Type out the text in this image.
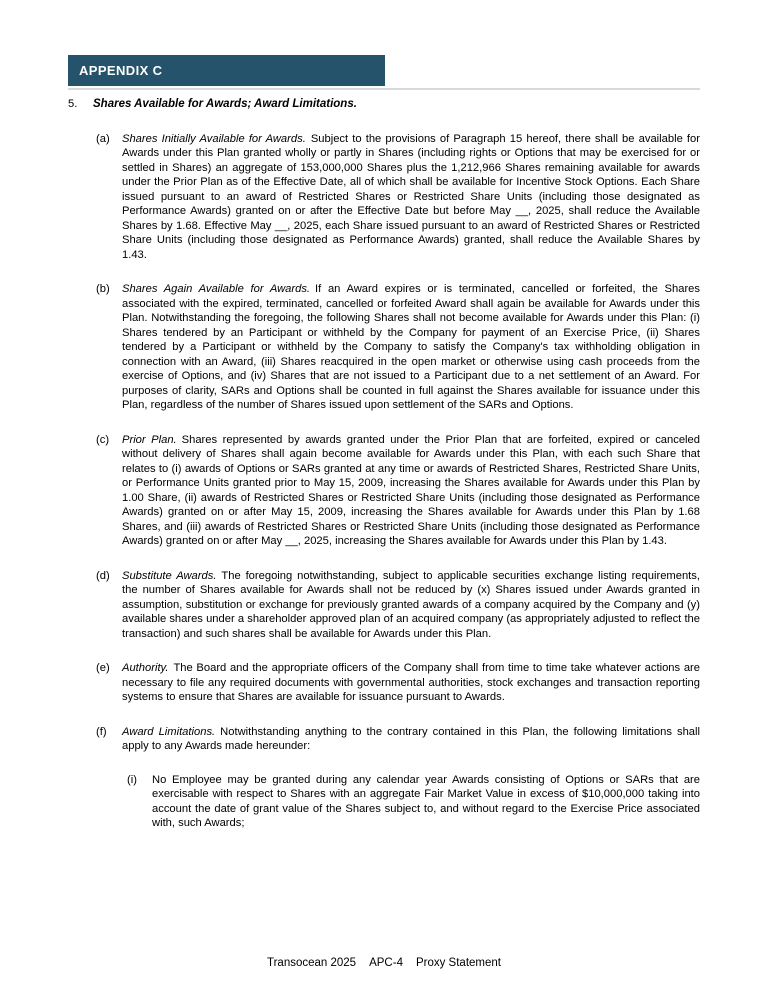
APPENDIX C
5.	Shares Available for Awards; Award Limitations.
(a)	Shares Initially Available for Awards. Subject to the provisions of Paragraph 15 hereof, there shall be available for Awards under this Plan granted wholly or partly in Shares (including rights or Options that may be exercised for or settled in Shares) an aggregate of 153,000,000 Shares plus the 1,212,966 Shares remaining available for awards under the Prior Plan as of the Effective Date, all of which shall be available for Incentive Stock Options. Each Share issued pursuant to an award of Restricted Shares or Restricted Share Units (including those designated as Performance Awards) granted on or after the Effective Date but before May __, 2025, shall reduce the Available Shares by 1.68. Effective May __, 2025, each Share issued pursuant to an award of Restricted Shares or Restricted Share Units (including those designated as Performance Awards) granted, shall reduce the Available Shares by 1.43.
(b)	Shares Again Available for Awards. If an Award expires or is terminated, cancelled or forfeited, the Shares associated with the expired, terminated, cancelled or forfeited Award shall again be available for Awards under this Plan. Notwithstanding the foregoing, the following Shares shall not become available for Awards under this Plan: (i) Shares tendered by an Participant or withheld by the Company for payment of an Exercise Price, (ii) Shares tendered by a Participant or withheld by the Company to satisfy the Company's tax withholding obligation in connection with an Award, (iii) Shares reacquired in the open market or otherwise using cash proceeds from the exercise of Options, and (iv) Shares that are not issued to a Participant due to a net settlement of an Award. For purposes of clarity, SARs and Options shall be counted in full against the Shares available for issuance under this Plan, regardless of the number of Shares issued upon settlement of the SARs and Options.
(c)	Prior Plan. Shares represented by awards granted under the Prior Plan that are forfeited, expired or canceled without delivery of Shares shall again become available for Awards under this Plan, with each such Share that relates to (i) awards of Options or SARs granted at any time or awards of Restricted Shares, Restricted Share Units, or Performance Units granted prior to May 15, 2009, increasing the Shares available for Awards under this Plan by 1.00 Share, (ii) awards of Restricted Shares or Restricted Share Units (including those designated as Performance Awards) granted on or after May 15, 2009, increasing the Shares available for Awards under this Plan by 1.68 Shares, and (iii) awards of Restricted Shares or Restricted Share Units (including those designated as Performance Awards) granted on or after May __, 2025, increasing the Shares available for Awards under this Plan by 1.43.
(d)	Substitute Awards. The foregoing notwithstanding, subject to applicable securities exchange listing requirements, the number of Shares available for Awards shall not be reduced by (x) Shares issued under Awards granted in assumption, substitution or exchange for previously granted awards of a company acquired by the Company and (y) available shares under a shareholder approved plan of an acquired company (as appropriately adjusted to reflect the transaction) and such shares shall be available for Awards under this Plan.
(e)	Authority. The Board and the appropriate officers of the Company shall from time to time take whatever actions are necessary to file any required documents with governmental authorities, stock exchanges and transaction reporting systems to ensure that Shares are available for issuance pursuant to Awards.
(f)	Award Limitations. Notwithstanding anything to the contrary contained in this Plan, the following limitations shall apply to any Awards made hereunder:
(i)	No Employee may be granted during any calendar year Awards consisting of Options or SARs that are exercisable with respect to Shares with an aggregate Fair Market Value in excess of $10,000,000 taking into account the date of grant value of the Shares subject to, and without regard to the Exercise Price associated with, such Awards;
Transocean 2025 APC-4 Proxy Statement
